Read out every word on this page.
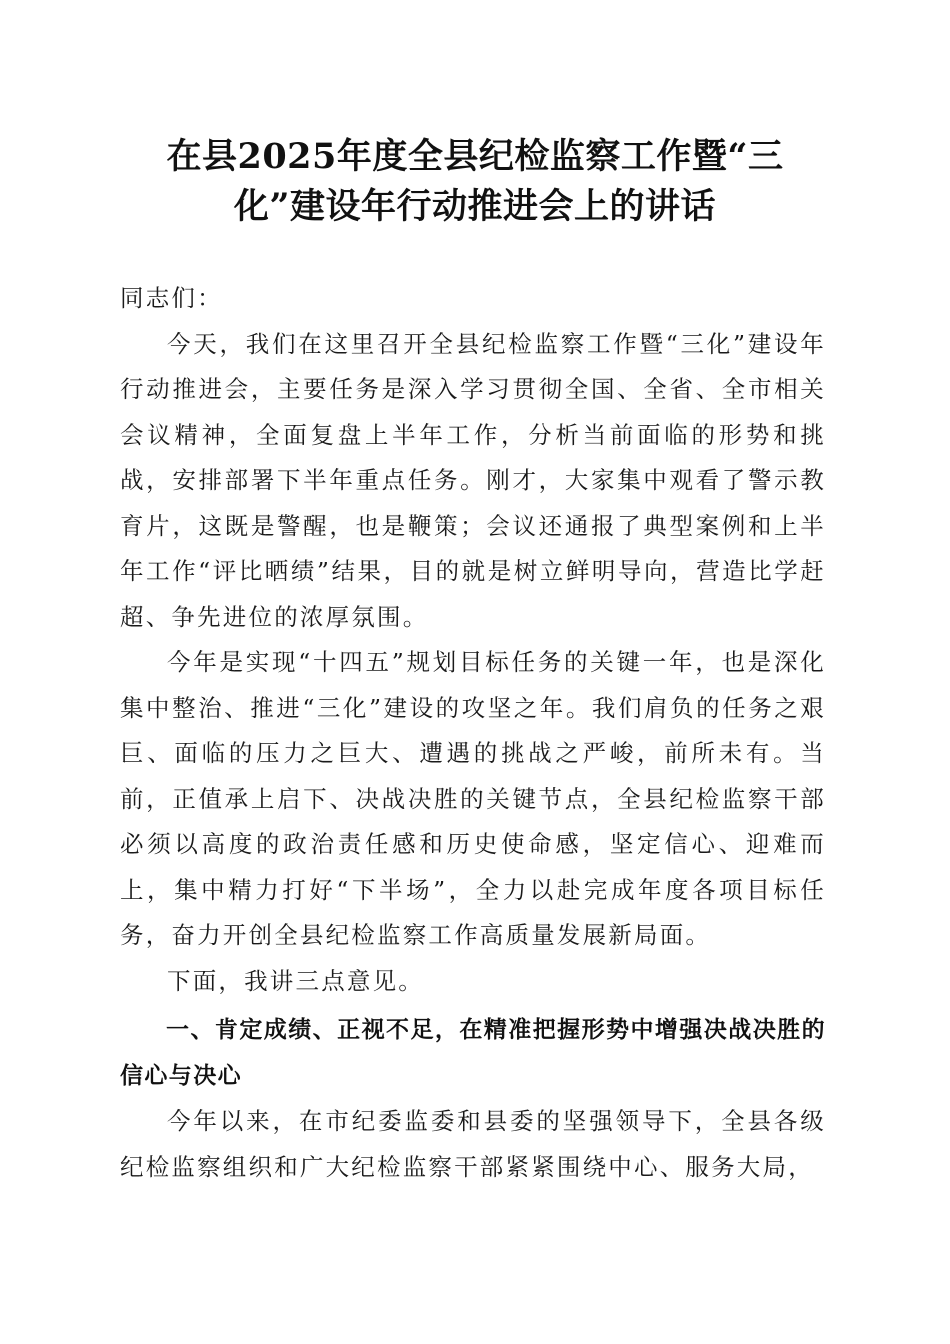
在县2025年度全县纪检监察工作暨“三
化”建设年行动推进会上的讲话

同志们：

今天，我们在这里召开全县纪检监察工作暨“三化”建设年行动推进会，主要任务是深入学习贯彻全国、全省、全市相关会议精神，全面复盘上半年工作，分析当前面临的形势和挑战，安排部署下半年重点任务。刚才，大家集中观看了警示教育片，这既是警醒，也是鞭策；会议还通报了典型案例和上半年工作“评比晒绩”结果，目的就是树立鲜明导向，营造比学赶超、争先进位的浓厚氛围。

今年是实现“十四五”规划目标任务的关键一年，也是深化集中整治、推进“三化”建设的攻坚之年。我们肩负的任务之艰巨、面临的压力之巨大、遭遇的挑战之严峻，前所未有。当前，正值承上启下、决战决胜的关键节点，全县纪检监察干部必须以高度的政治责任感和历史使命感，坚定信心、迎难而上，集中精力打好“下半场”，全力以赴完成年度各项目标任务，奋力开创全县纪检监察工作高质量发展新局面。

下面，我讲三点意见。

一、肯定成绩、正视不足，在精准把握形势中增强决战决胜的信心与决心

今年以来，在市纪委监委和县委的坚强领导下，全县各级纪检监察组织和广大纪检监察干部紧紧围绕中心、服务大局，
